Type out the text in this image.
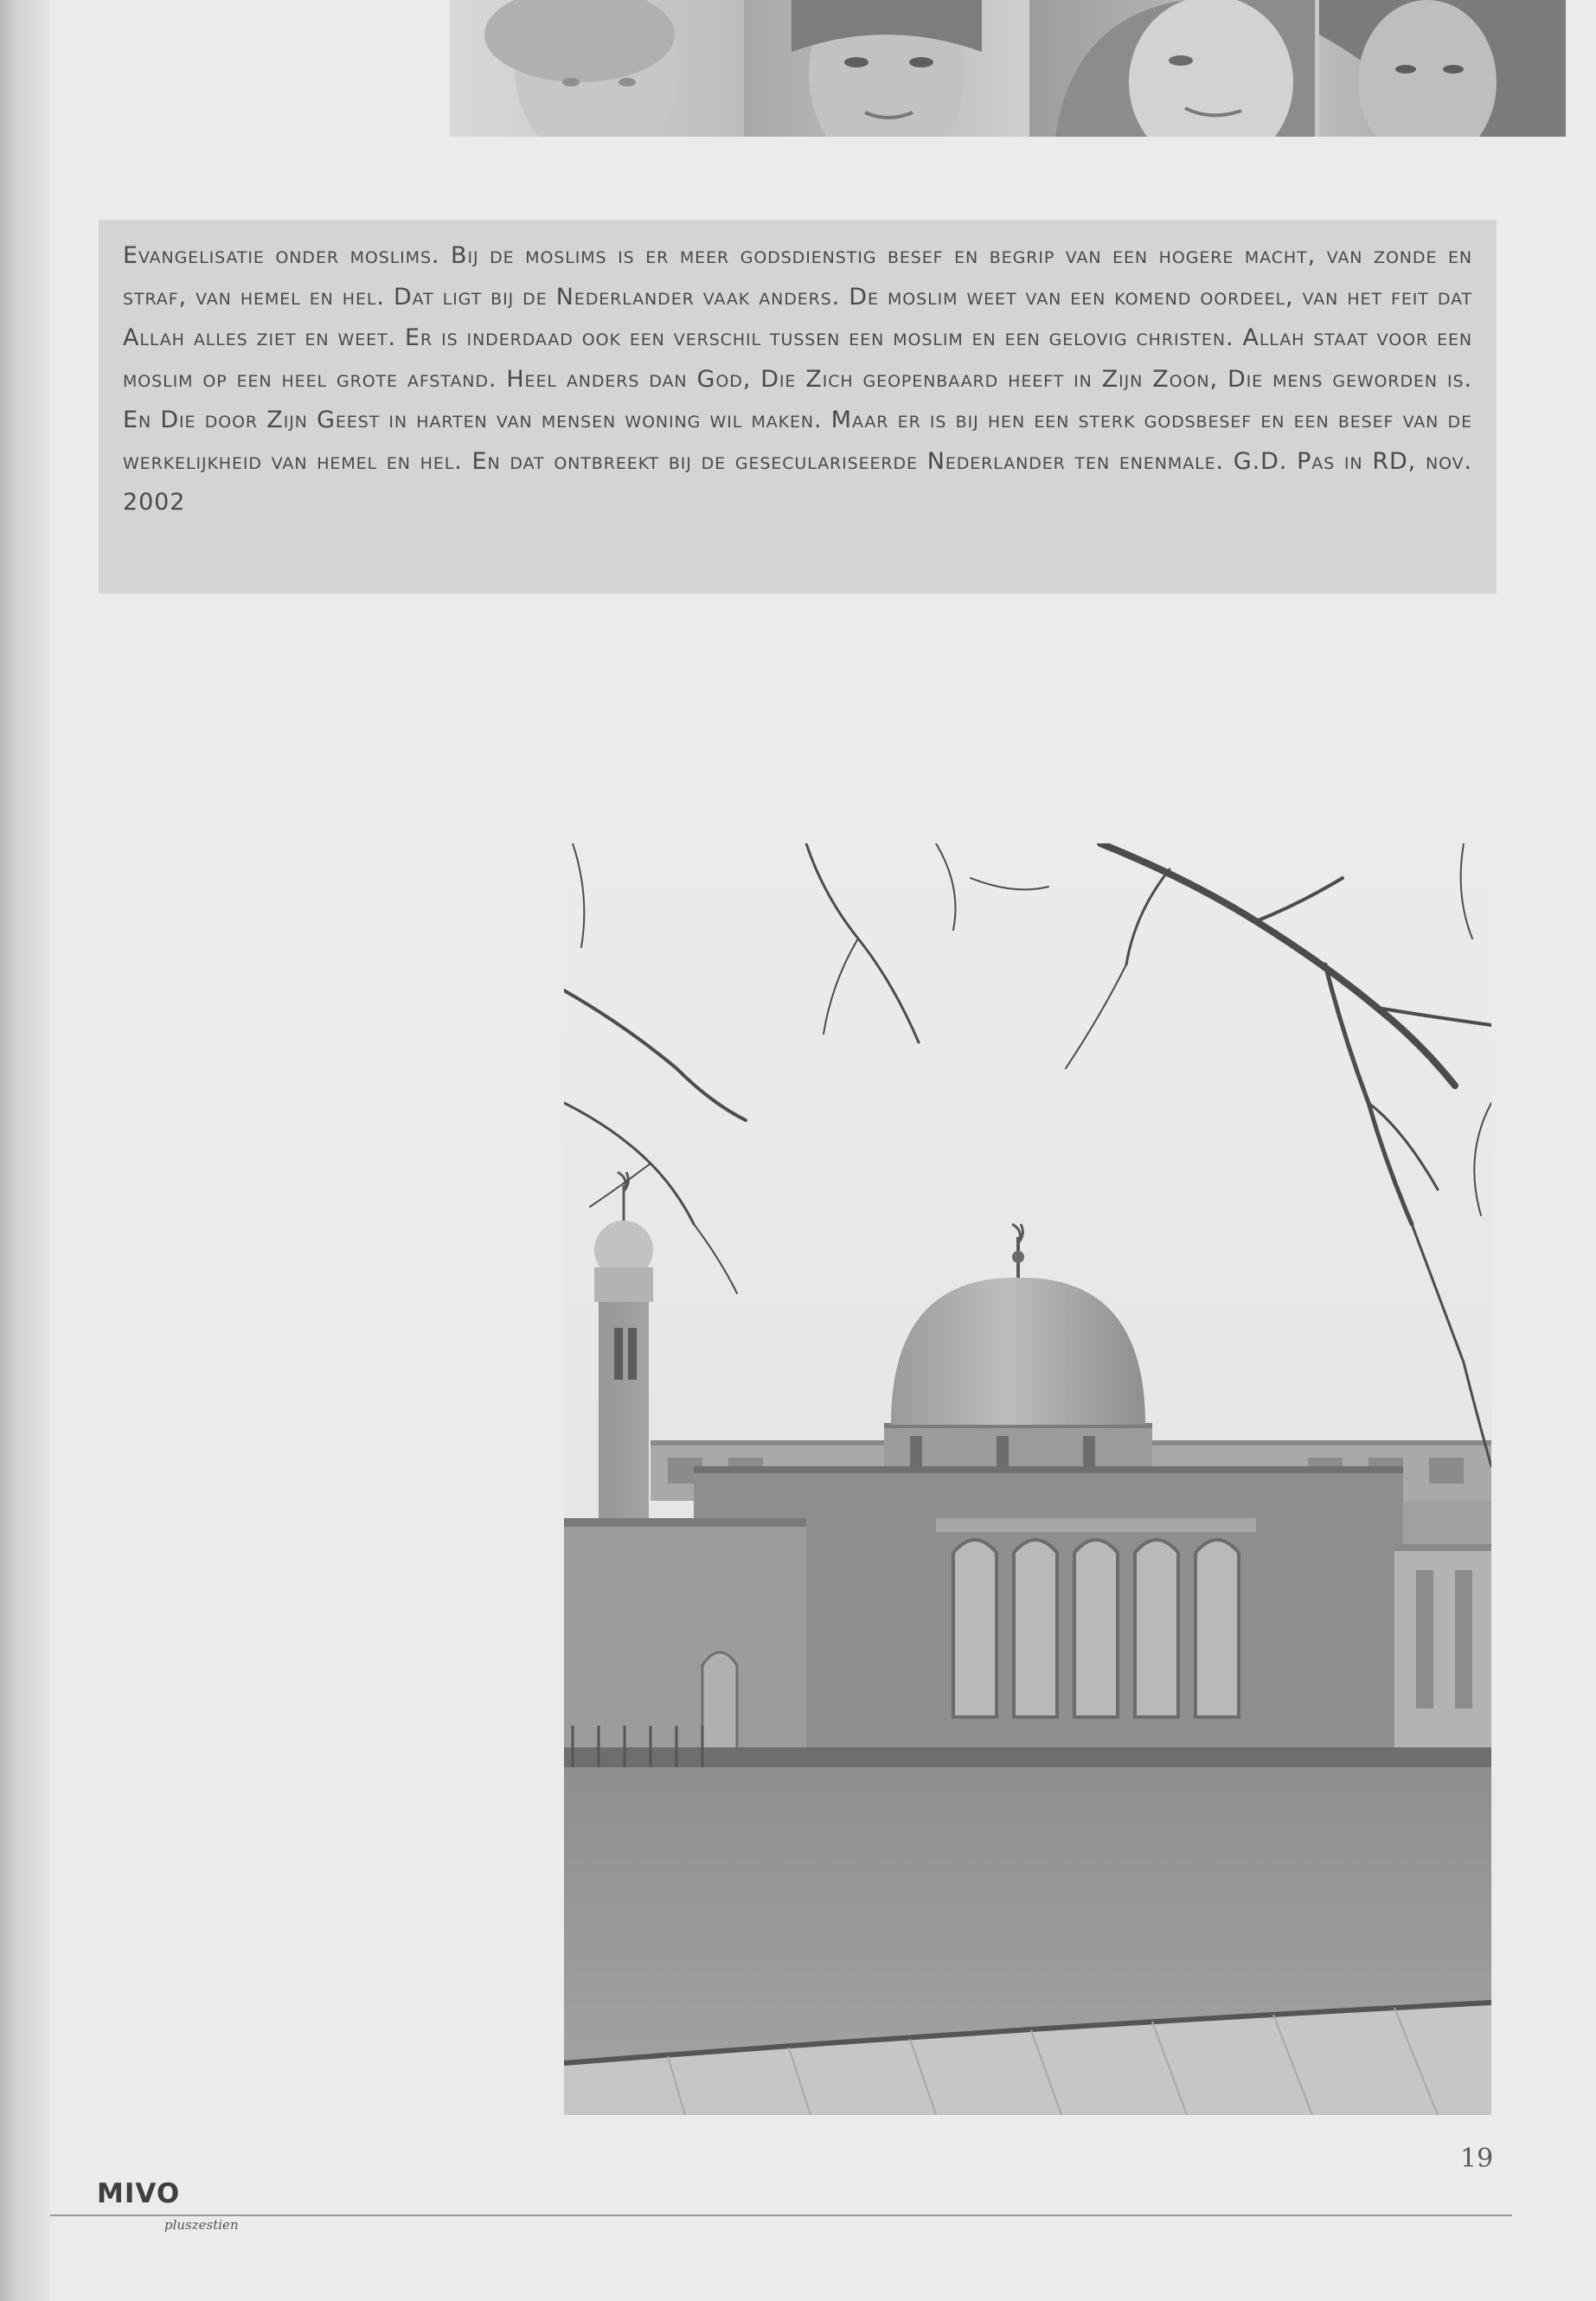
Evangelisatie onder moslims. Bij de moslims is er meer godsdienstig besef en begrip van een hogere macht, van zonde en straf, van hemel en hel. Dat ligt bij de Nederlander vaak anders. De moslim weet van een komend oordeel, van het feit dat Allah alles ziet en weet. Er is inderdaad ook een verschil tussen een moslim en een gelovig christen. Allah staat voor een moslim op een heel grote afstand. Heel anders dan God, Die Zich geopenbaard heeft in Zijn Zoon, Die mens geworden is. En Die door Zijn Geest in harten van mensen woning wil maken. Maar er is bij hen een sterk godsbesef en een besef van de werkelijkheid van hemel en hel. En dat ontbreekt bij de geseculariseerde Nederlander ten enenmale. G.D. Pas in RD, nov. 2002

MIVO
pluszestien
19
